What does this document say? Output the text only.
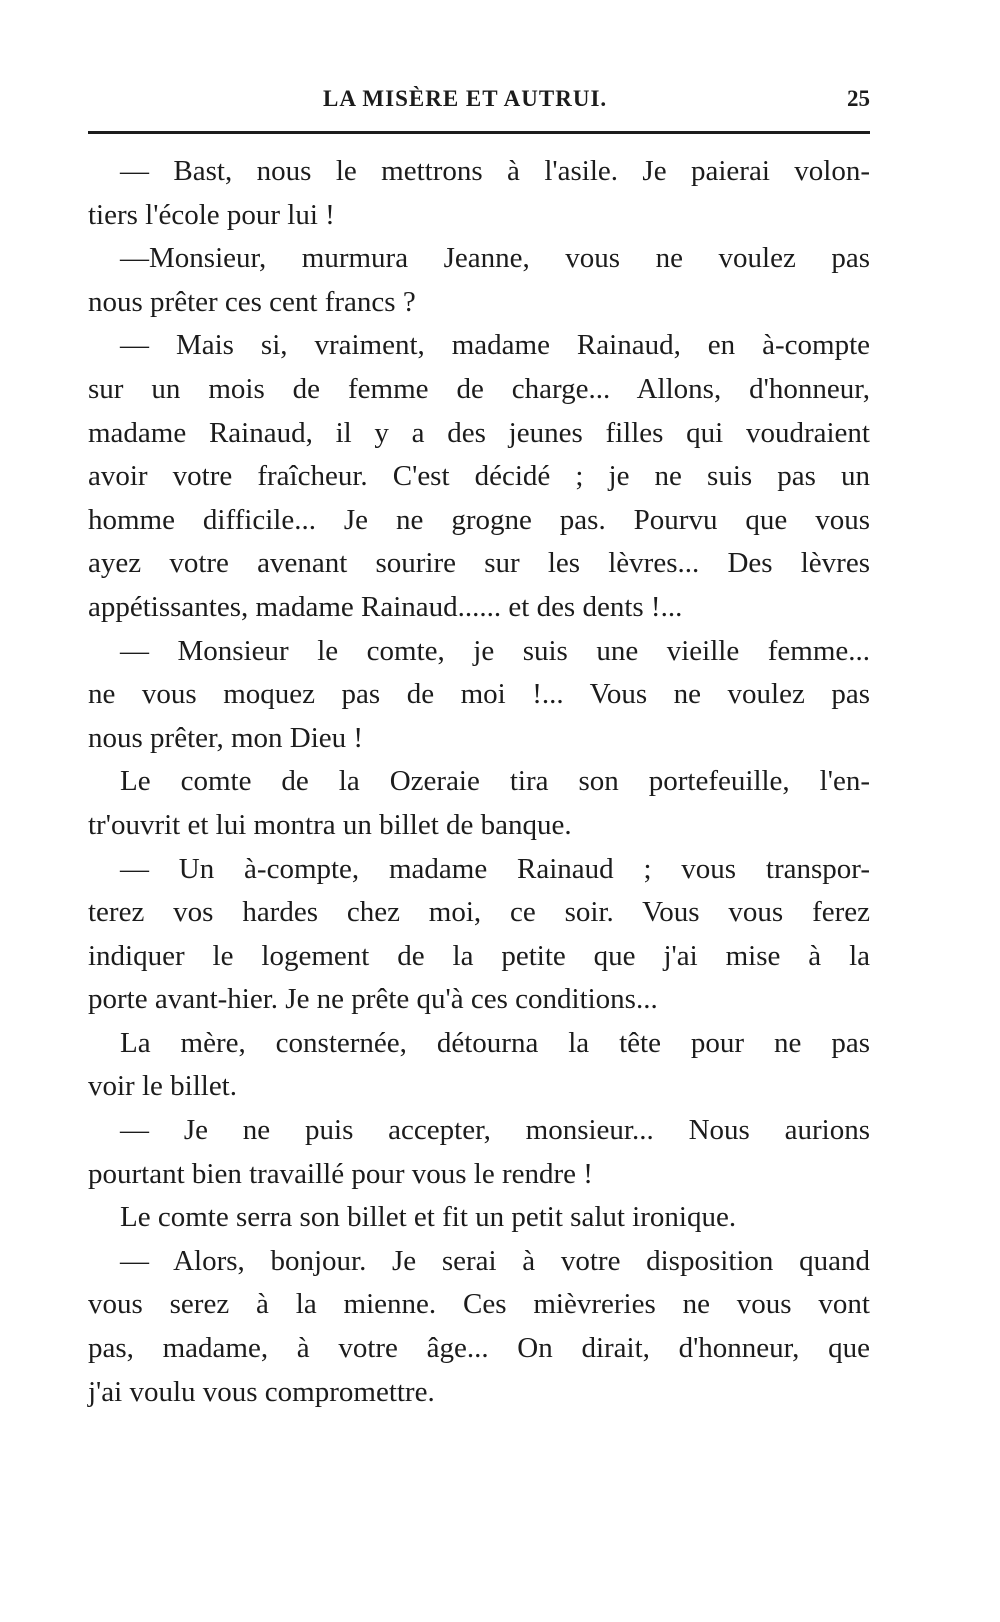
LA MISÈRE ET AUTRUI.	25
— Bast, nous le mettrons à l'asile. Je paierai volon-
tiers l'école pour lui !
—Monsieur, murmura Jeanne, vous ne voulez pas
nous prêter ces cent francs ?
— Mais si, vraiment, madame Rainaud, en à-compte
sur un mois de femme de charge... Allons, d'honneur,
madame Rainaud, il y a des jeunes filles qui voudraient
avoir votre fraîcheur. C'est décidé ; je ne suis pas un
homme difficile... Je ne grogne pas. Pourvu que vous
ayez votre avenant sourire sur les lèvres... Des lèvres
appétissantes, madame Rainaud...... et des dents !...
— Monsieur le comte, je suis une vieille femme...
ne vous moquez pas de moi !... Vous ne voulez pas
nous prêter, mon Dieu !
Le comte de la Ozeraie tira son portefeuille, l'en-
tr'ouvrit et lui montra un billet de banque.
— Un à-compte, madame Rainaud ; vous transpor-
terez vos hardes chez moi, ce soir. Vous vous ferez
indiquer le logement de la petite que j'ai mise à la
porte avant-hier. Je ne prête qu'à ces conditions...
La mère, consternée, détourna la tête pour ne pas
voir le billet.
— Je ne puis accepter, monsieur... Nous aurions
pourtant bien travaillé pour vous le rendre !
Le comte serra son billet et fit un petit salut ironique.
— Alors, bonjour. Je serai à votre disposition quand
vous serez à la mienne. Ces mièvreries ne vous vont
pas, madame, à votre âge... On dirait, d'honneur, que
j'ai voulu vous compromettre.
